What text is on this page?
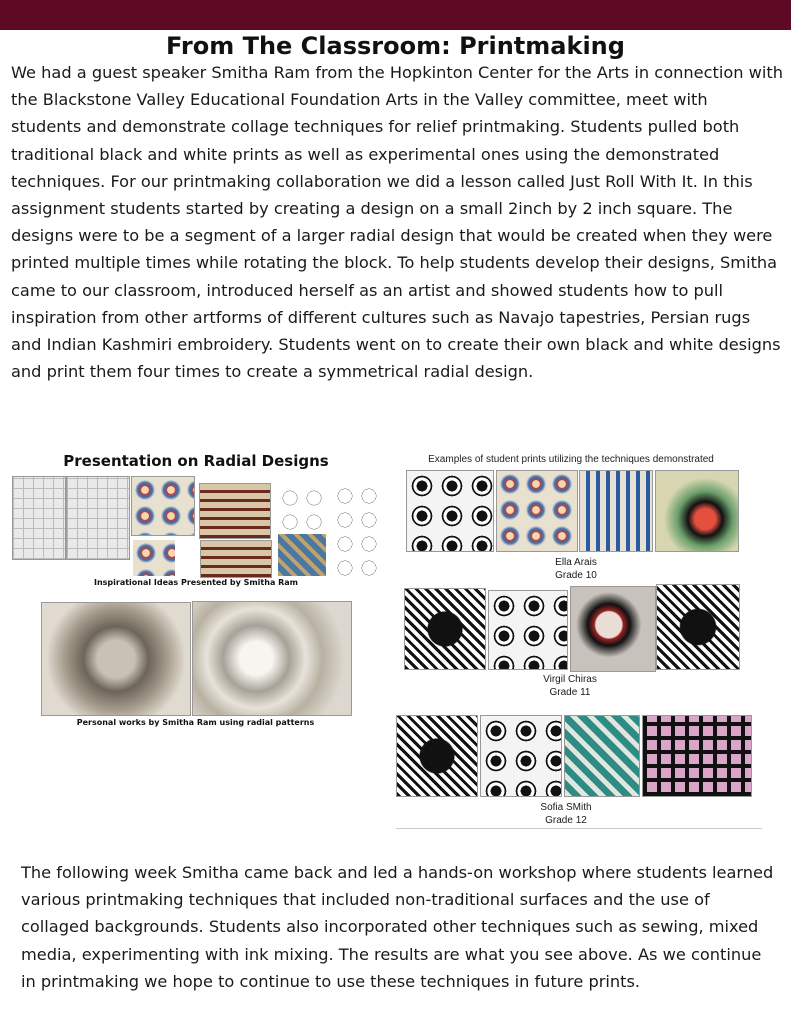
From The Classroom: Printmaking

We had a guest speaker Smitha Ram from the Hopkinton Center for the Arts in connection with the Blackstone Valley Educational Foundation Arts in the Valley committee, meet with students and demonstrate collage techniques for relief printmaking. Students pulled both traditional black and white prints as well as experimental ones using the demonstrated techniques. For our printmaking collaboration we did a lesson called Just Roll With It. In this assignment students started by creating a design on a small 2inch by 2 inch square. The designs were to be a segment of a larger radial design that would be created when they were printed multiple times while rotating the block. To help students develop their designs, Smitha came to our classroom, introduced herself as an artist and showed students how to pull inspiration from other artforms of different cultures such as Navajo tapestries, Persian rugs and Indian Kashmiri embroidery. Students went on to create their own black and white designs and print them four times to create a symmetrical radial design.

Presentation on Radial Designs
Inspirational Ideas Presented by Smitha Ram
Personal works by Smitha Ram using radial patterns
Examples of student prints utilizing the techniques demonstrated
Ella Arais
Grade 10
Virgil Chiras
Grade 11
Sofia SMith
Grade 12

The following week Smitha came back and led a hands-on workshop where students learned various printmaking techniques that included non-traditional surfaces and the use of collaged backgrounds. Students also incorporated other techniques such as sewing, mixed media, experimenting with ink mixing. The results are what you see above. As we continue in printmaking we hope to continue to use these techniques in future prints.
